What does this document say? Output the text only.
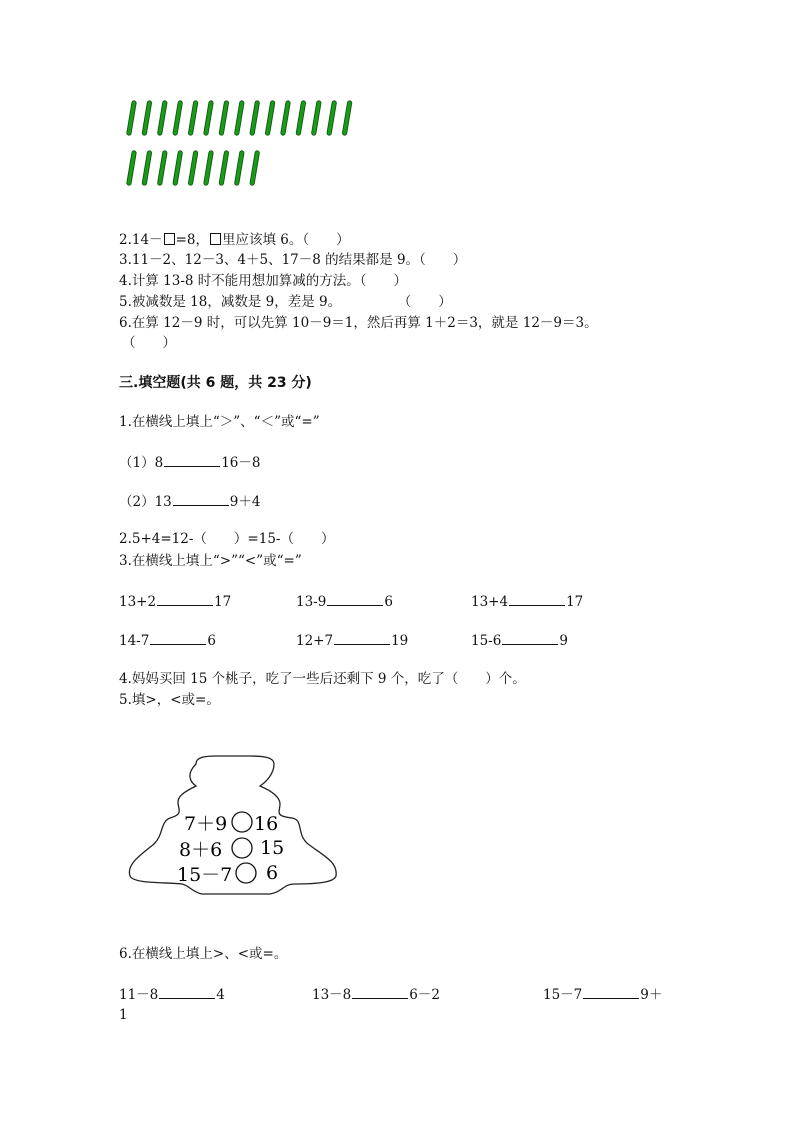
2.14－ =8， 里应该填 6。（　　）
3.11－2、12－3、4＋5、17－8 的结果都是 9。（　　）
4.计算 13-8 时不能用想加算减的方法。（　　）
5.被减数是 18，减数是 9，差是 9。	（　　）
6.在算 12－9 时，可以先算 10－9＝1，然后再算 1＋2＝3，就是 12－9＝3。
（　　）
三.填空题(共 6 题，共 23 分)
1.在横线上填上“＞”、“＜”或“=”
（1）8	16－8
（2）13	9＋4
2.5+4=12-（　　）=15-（　　）
3.在横线上填上“>”“<”或“=”
13+2	17	13-9	6	13+4	17
14-7	6	12+7	19	15-6	9
4.妈妈买回 15 个桃子，吃了一些后还剩下 9 个，吃了（　　）个。
5.填>，<或=。
7＋9 16
8＋6 15
15－7 6
6.在横线上填上>、<或=。
11－8	4	13－8	6－2	15－7	9＋
1
